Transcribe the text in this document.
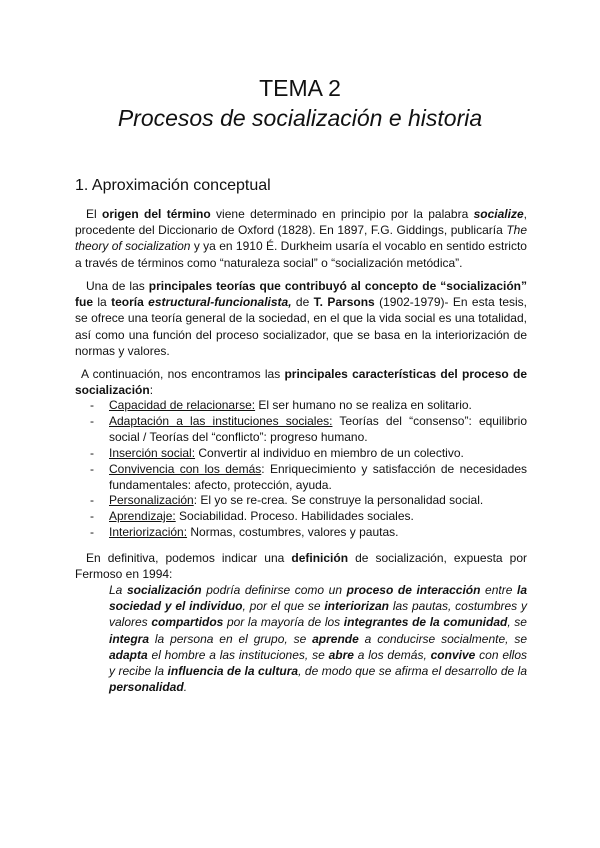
TEMA 2
Procesos de socialización e historia
1. Aproximación conceptual

El origen del término viene determinado en principio por la palabra socialize, procedente del Diccionario de Oxford (1828). En 1897, F.G. Giddings, publicaría The theory of socialization y ya en 1910 É. Durkheim usaría el vocablo en sentido estricto a través de términos como “naturaleza social” o “socialización metódica”.

Una de las principales teorías que contribuyó al concepto de “socialización” fue la teoría estructural-funcionalista, de T. Parsons (1902-1979)- En esta tesis, se ofrece una teoría general de la sociedad, en el que la vida social es una totalidad, así como una función del proceso socializador, que se basa en la interiorización de normas y valores.

A continuación, nos encontramos las principales características del proceso de socialización:

- Capacidad de relacionarse: El ser humano no se realiza en solitario.
- Adaptación a las instituciones sociales: Teorías del “consenso”: equilibrio social / Teorías del “conflicto”: progreso humano.
- Inserción social: Convertir al individuo en miembro de un colectivo.
- Convivencia con los demás: Enriquecimiento y satisfacción de necesidades fundamentales: afecto, protección, ayuda.
- Personalización: El yo se re-crea. Se construye la personalidad social.
- Aprendizaje: Sociabilidad. Proceso. Habilidades sociales.
- Interiorización: Normas, costumbres, valores y pautas.

En definitiva, podemos indicar una definición de socialización, expuesta por Fermoso en 1994:

La socialización podría definirse como un proceso de interacción entre la sociedad y el individuo, por el que se interiorizan las pautas, costumbres y valores compartidos por la mayoría de los integrantes de la comunidad, se integra la persona en el grupo, se aprende a conducirse socialmente, se adapta el hombre a las instituciones, se abre a los demás, convive con ellos y recibe la influencia de la cultura, de modo que se afirma el desarrollo de la personalidad.
